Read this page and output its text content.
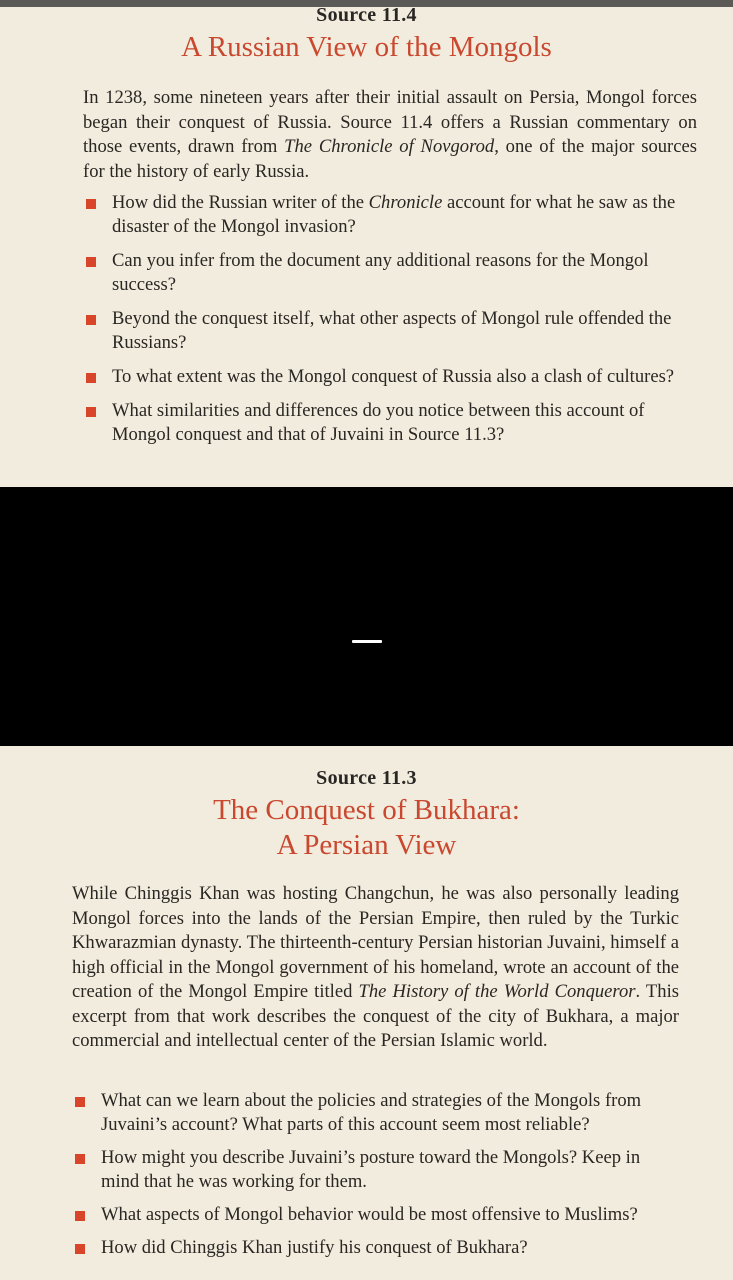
Source 11.4
A Russian View of the Mongols

In 1238, some nineteen years after their initial assault on Persia, Mongol forces began their conquest of Russia. Source 11.4 offers a Russian commentary on those events, drawn from The Chronicle of Novgorod, one of the major sources for the history of early Russia.

How did the Russian writer of the Chronicle account for what he saw as the disaster of the Mongol invasion?
Can you infer from the document any additional reasons for the Mongol success?
Beyond the conquest itself, what other aspects of Mongol rule offended the Russians?
To what extent was the Mongol conquest of Russia also a clash of cultures?
What similarities and differences do you notice between this account of Mongol conquest and that of Juvaini in Source 11.3?
Source 11.3
The Conquest of Bukhara:
A Persian View

While Chinggis Khan was hosting Changchun, he was also personally leading Mongol forces into the lands of the Persian Empire, then ruled by the Turkic Khwarazmian dynasty. The thirteenth-century Persian historian Juvaini, himself a high official in the Mongol government of his homeland, wrote an account of the creation of the Mongol Empire titled The History of the World Conqueror. This excerpt from that work describes the conquest of the city of Bukhara, a major commercial and intellectual center of the Persian Islamic world.

What can we learn about the policies and strategies of the Mongols from Juvaini’s account? What parts of this account seem most reliable?
How might you describe Juvaini’s posture toward the Mongols? Keep in mind that he was working for them.
What aspects of Mongol behavior would be most offensive to Muslims?
How did Chinggis Khan justify his conquest of Bukhara?
